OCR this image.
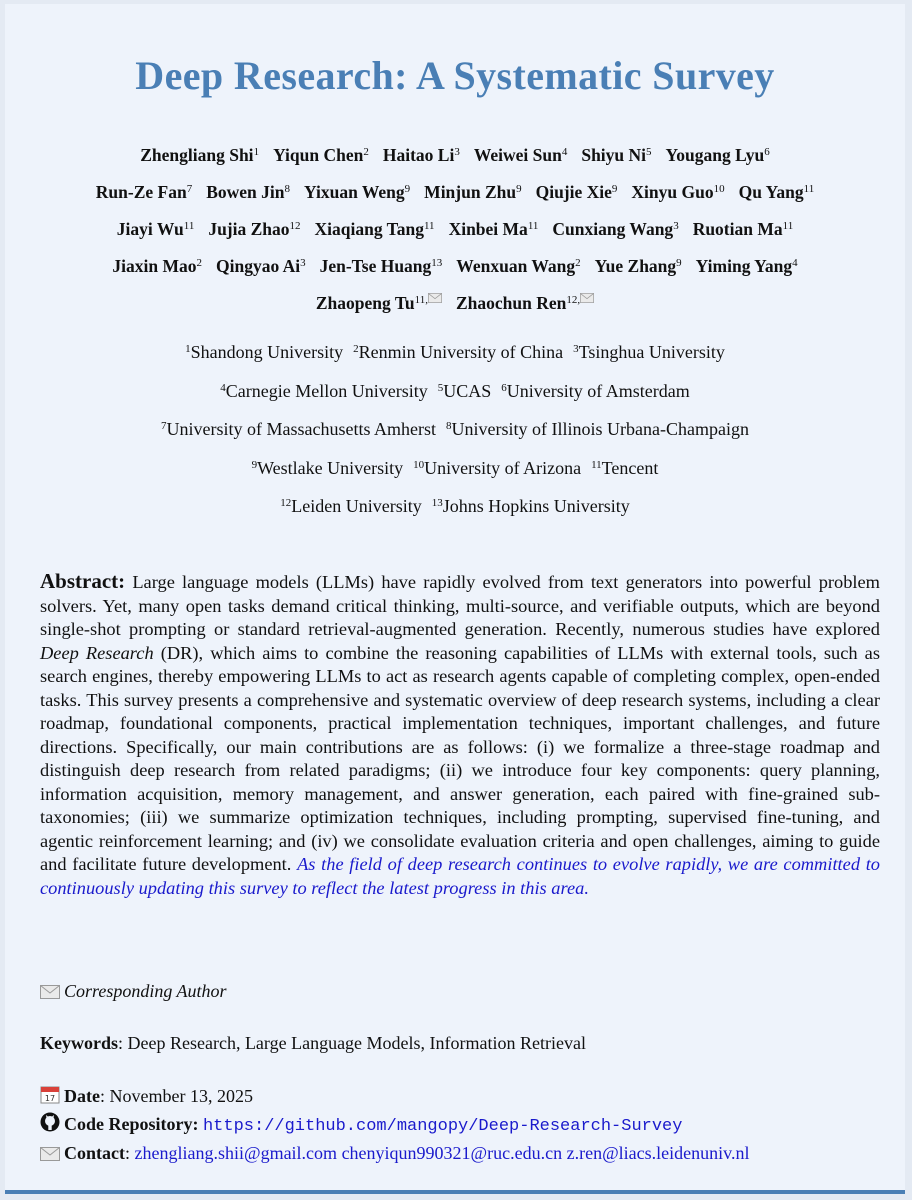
Deep Research: A Systematic Survey
Zhengliang Shi$^1$ Yiqun Chen$^2$ Haitao Li$^3$ Weiwei Sun$^4$ Shiyu Ni$^5$ Yougang Lyu$^6$
Run-Ze Fan$^7$ Bowen Jin$^8$ Yixuan Weng$^9$ Minjun Zhu$^9$ Qiujie Xie$^9$ Xinyu Guo$^{10}$ Qu Yang$^{11}$
Jiayi Wu$^{11}$ Jujia Zhao$^{12}$ Xiaqiang Tang$^{11}$ Xinbei Ma$^{11}$ Cunxiang Wang$^3$ Ruotian Ma$^{11}$
Jiaxin Mao$^2$ Qingyao Ai$^3$ Jen-Tse Huang$^{13}$ Wenxuan Wang$^2$ Yue Zhang$^9$ Yiming Yang$^4$
Zhaopeng $Tu^{11,}$ Zhaochun Ren$^{12,}$
$^1$Shandong University $^2$Renmin University of China $^3$Tsinghua University
$^4$Carnegie Mellon University $^5$UCAS $^6$University of Amsterdam
$^7$University of Massachusetts Amherst $^8$University of Illinois Urbana-Champaign
$^9$Westlake University $^{10}$University of Arizona $^{11}$Tencent
$^{12}$Leiden University $^{13}$Johns Hopkins University
Abstract: Large language models (LLMs) have rapidly evolved from text generators into powerful problem solvers. Yet, many open tasks demand critical thinking, multi-source, and verifiable outputs, which are beyond single-shot prompting or standard retrieval-augmented generation. Recently, numerous studies have explored Deep Research (DR), which aims to combine the reasoning capabilities of LLMs with external tools, such as search engines, thereby empowering LLMs to act as research agents capable of completing complex, open-ended tasks. This survey presents a comprehensive and systematic overview of deep research systems, including a clear roadmap, foundational components, practical implementation techniques, important challenges, and future directions. Specifically, our main contributions are as follows: (i) we formalize a three-stage roadmap and distinguish deep research from related paradigms; (ii) we introduce four key components: query planning, information acquisition, memory management, and answer generation, each paired with fine-grained sub-taxonomies; (iii) we summarize optimization techniques, including prompting, supervised fine-tuning, and agentic reinforcement learning; and (iv) we consolidate evaluation criteria and open challenges, aiming to guide and facilitate future development. As the field of deep research continues to evolve rapidly, we are committed to continuously updating this survey to reflect the latest progress in this area.
Corresponding Author
Keywords: Deep Research, Large Language Models, Information Retrieval
17 Date: November 13, 2025
Code Repository: https://github.com/mangopy/Deep-Research-Survey
Contact: zhengliang.shii@gmail.com chenyiqun990321@ruc.edu.cn z.ren@liacs.leidenuniv.nl
